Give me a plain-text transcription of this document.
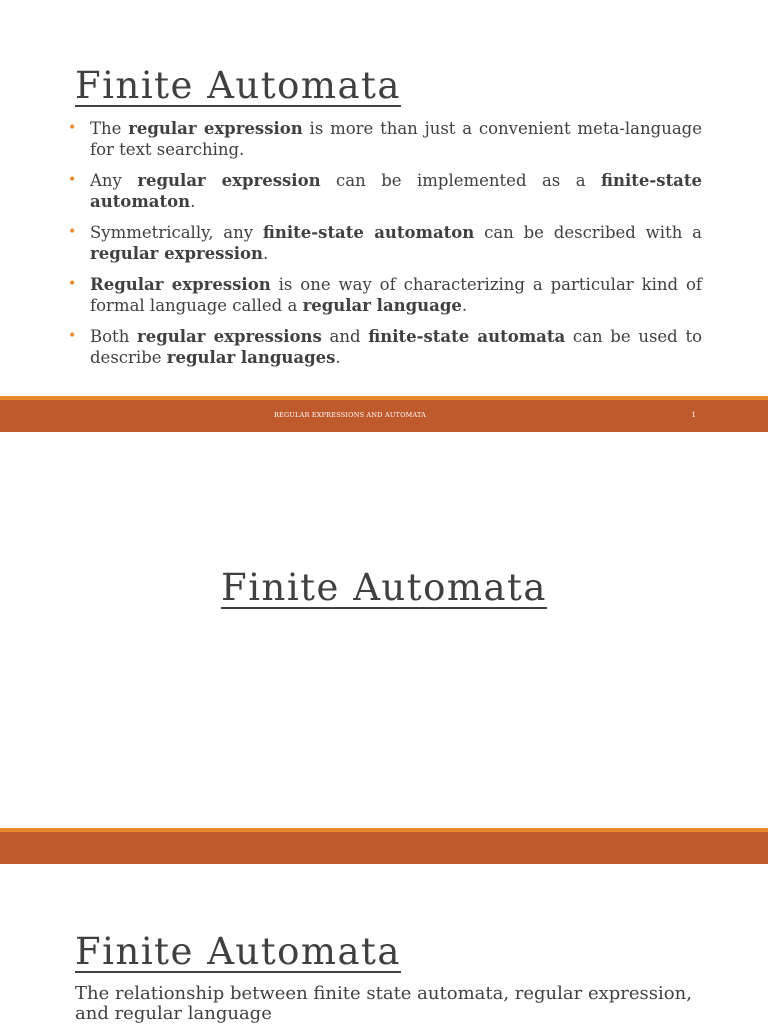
Finite Automata
• The regular expression is more than just a convenient meta-language for text searching.
• Any regular expression can be implemented as a finite-state automaton.
• Symmetrically, any finite-state automaton can be described with a regular expression.
• Regular expression is one way of characterizing a particular kind of formal language called a regular language.
• Both regular expressions and finite-state automata can be used to describe regular languages.
REGULAR EXPRESSIONS AND AUTOMATA	1
Finite Automata
Finite Automata

The relationship between finite state automata, regular expression, and regular language
